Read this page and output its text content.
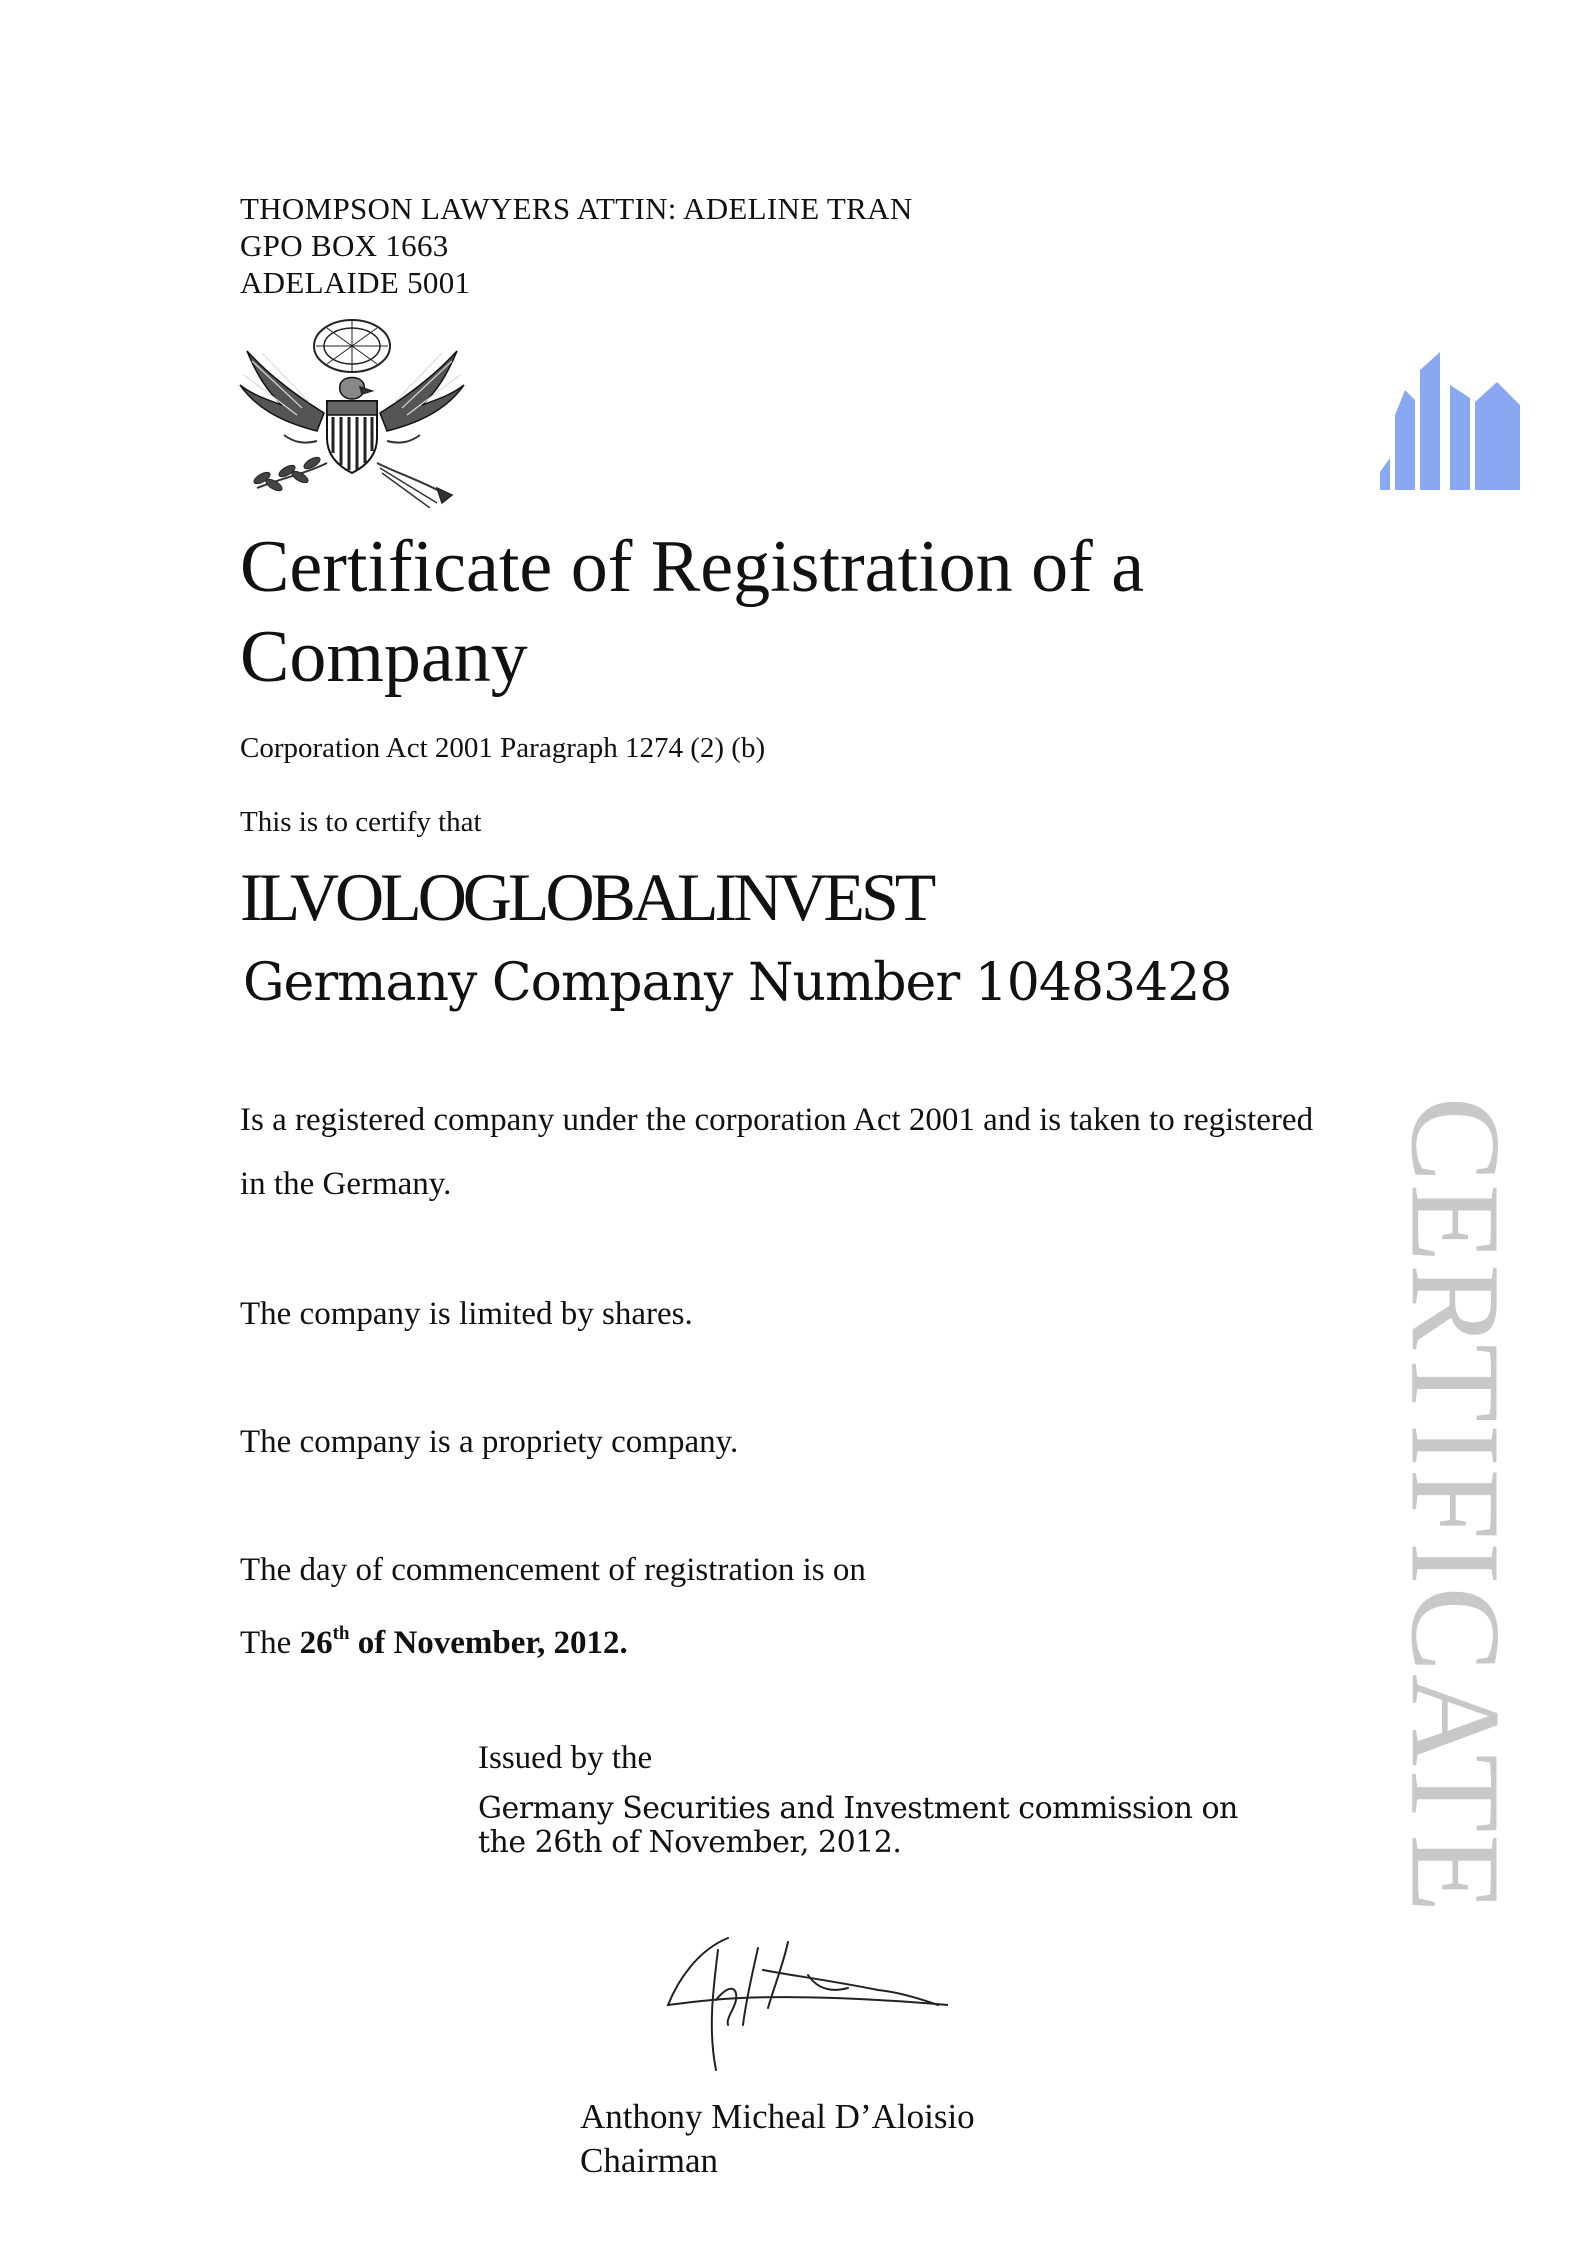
THOMPSON LAWYERS ATTIN: ADELINE TRAN
GPO BOX 1663
ADELAIDE 5001
Certificate of Registration of a Company
Corporation Act 2001 Paragraph 1274 (2) (b)
This is to certify that
ILVOLOGLOBALINVEST
Germany Company Number 10483428
Is a registered company under the corporation Act 2001 and is taken to registered in the Germany.
The company is limited by shares.
The company is a propriety company.
The day of commencement of registration is on
The 26th of November, 2012.
Issued by the
Germany Securities and Investment commission on
the 26th of November, 2012.
Anthony Micheal D’Aloisio
Chairman
CERTIFICATE
